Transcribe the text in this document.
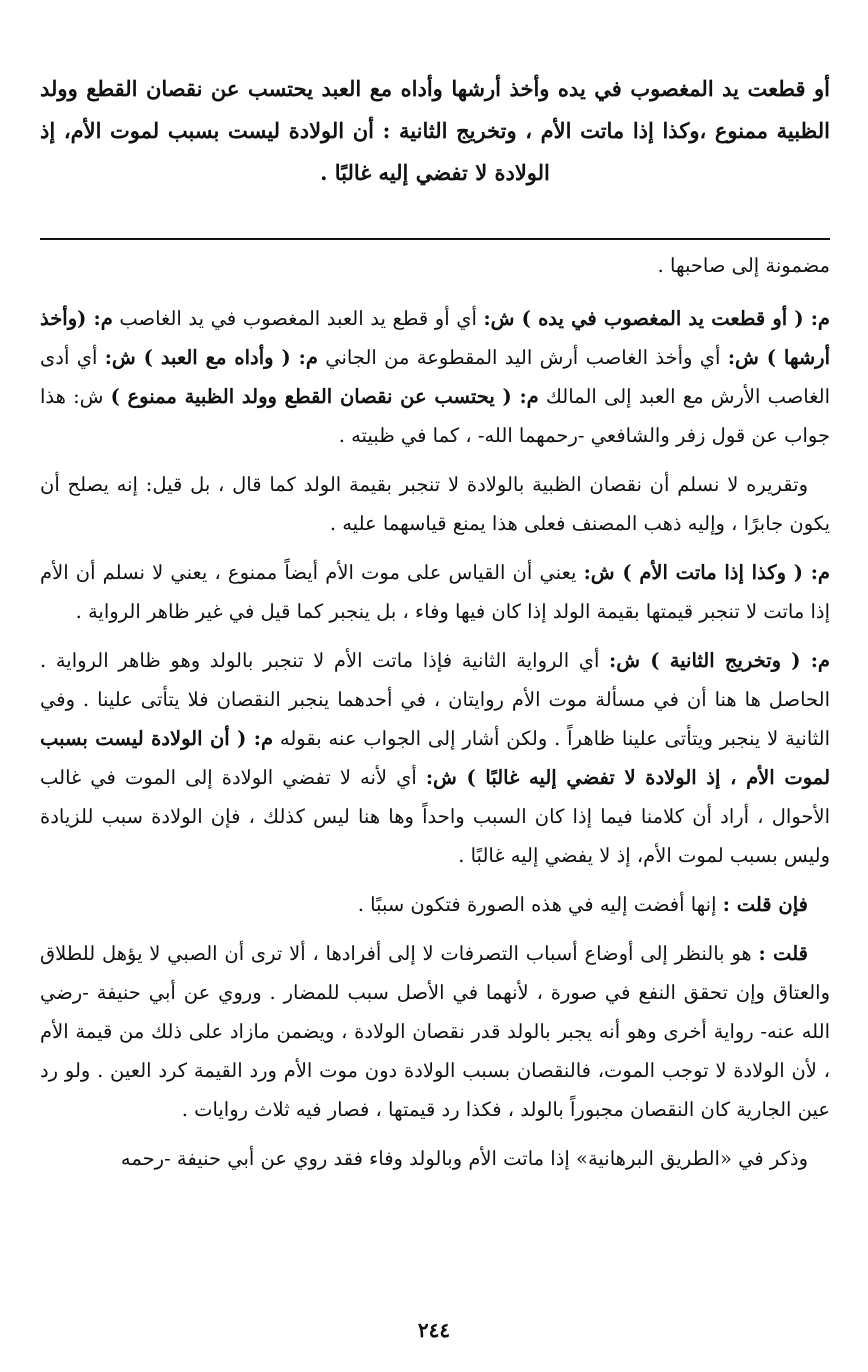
أو قطعت يد المغصوب في يده وأخذ أرشها وأداه مع العبد يحتسب عن نقصان القطع وولد الظبية ممنوع ،وكذا إذا ماتت الأم ، وتخريج الثانية : أن الولادة ليست بسبب لموت الأم، إذ الولادة لا تفضي إليه غالبًا .

مضمونة إلى صاحبها .

م: ( أو قطعت يد المغصوب في يده ) ش: أي أو قطع يد العبد المغصوب في يد الغاصب م: (وأخذ أرشها ) ش: أي وأخذ الغاصب أرش اليد المقطوعة من الجاني م: ( وأداه مع العبد ) ش: أي أدى الغاصب الأرش مع العبد إلى المالك م: ( يحتسب عن نقصان القطع وولد الظبية ممنوع ) ش: هذا جواب عن قول زفر والشافعي -رحمهما الله- ، كما في ظبيته .

وتقريره لا نسلم أن نقصان الظبية بالولادة لا تنجبر بقيمة الولد كما قال ، بل قيل: إنه يصلح أن يكون جابرًا ، وإليه ذهب المصنف فعلى هذا يمنع قياسهما عليه .

م: ( وكذا إذا ماتت الأم ) ش: يعني أن القياس على موت الأم أيضاً ممنوع ، يعني لا نسلم أن الأم إذا ماتت لا تنجبر قيمتها بقيمة الولد إذا كان فيها وفاء ، بل ينجبر كما قيل في غير ظاهر الرواية .

م: ( وتخريج الثانية ) ش: أي الرواية الثانية فإذا ماتت الأم لا تنجبر بالولد وهو ظاهر الرواية . الحاصل ها هنا أن في مسألة موت الأم روايتان ، في أحدهما ينجبر النقصان فلا يتأتى علينا . وفي الثانية لا ينجبر ويتأتى علينا ظاهراً . ولكن أشار إلى الجواب عنه بقوله م: ( أن الولادة ليست بسبب لموت الأم ، إذ الولادة لا تفضي إليه غالبًا ) ش: أي لأنه لا تفضي الولادة إلى الموت في غالب الأحوال ، أراد أن كلامنا فيما إذا كان السبب واحداً وها هنا ليس كذلك ، فإن الولادة سبب للزيادة وليس بسبب لموت الأم، إذ لا يفضي إليه غالبًا .

فإن قلت : إنها أفضت إليه في هذه الصورة فتكون سببًا .

قلت : هو بالنظر إلى أوضاع أسباب التصرفات لا إلى أفرادها ، ألا ترى أن الصبي لا يؤهل للطلاق والعتاق وإن تحقق النفع في صورة ، لأنهما في الأصل سبب للمضار . وروي عن أبي حنيفة -رضي الله عنه- رواية أخرى وهو أنه يجبر بالولد قدر نقصان الولادة ، ويضمن مازاد على ذلك من قيمة الأم ، لأن الولادة لا توجب الموت، فالنقصان بسبب الولادة دون موت الأم ورد القيمة كرد العين . ولو رد عين الجارية كان النقصان مجبوراً بالولد ، فكذا رد قيمتها ، فصار فيه ثلاث روايات .

وذكر في «الطريق البرهانية» إذا ماتت الأم وبالولد وفاء فقد روي عن أبي حنيفة -رحمه

٢٤٤
